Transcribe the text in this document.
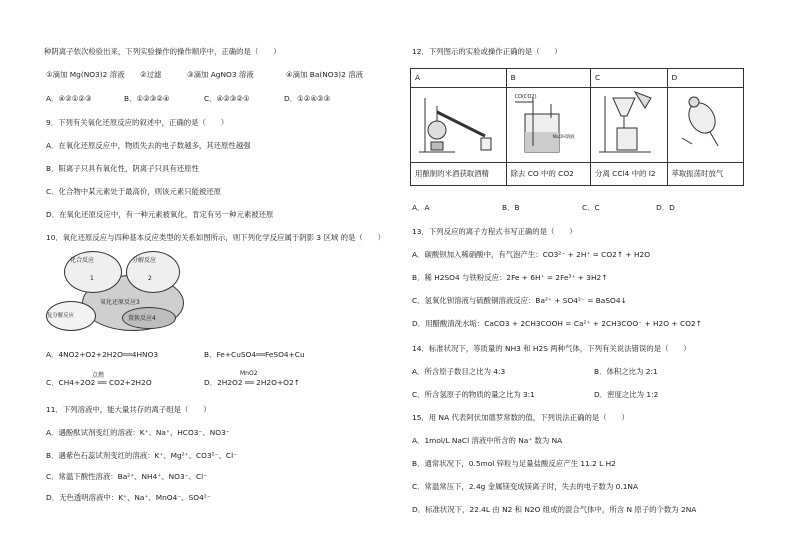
种阴离子依次检验出来，下列实验操作的操作顺序中，正确的是（　　）
①滴加 Mg(NO3)2 溶液 ②过滤	③滴加 AgNO3 溶液	④滴加 Ba(NO3)2 溶液
A．④②①②③	B．①②③②④	C．④②③②①	D．①②④②③
9．下列有关氧化还原反应的叙述中，正确的是（　　）
A．在氧化还原反应中，物质失去的电子数越多，其还原性越强
B．阳离子只具有氧化性，阴离子只具有还原性
C．化合物中某元素处于最高价，则该元素只能被还原
D．在氧化还原反应中，有一种元素被氧化，肯定有另一种元素被还原
10．氧化还原反应与四种基本反应类型的关系如图所示，则下列化学反应属于阴影 3 区域 的是（　　）
化合反应	分解反应
复分解反应
氧化还原反应3
置换反应4
1	2
A．4NO2+O2+2H2O══4HNO3	B．Fe+CuSO4══FeSO4+Cu
点燃
C．CH4+2O2 ══ CO2+2H2O
MnO2
D．2H2O2 ══ 2H2O+O2↑
11．下列溶液中，能大量共存的离子组是（　　）
A．遇酚酞试剂变红的溶液：K⁺、Na⁺、HCO3⁻、NO3⁻
B．遇紫色石蕊试剂变红的溶液：K⁺、Mg²⁺、CO3²⁻、Cl⁻
C．常温下酸性溶液：Ba²⁺、NH4⁺、NO3⁻、Cl⁻
D．无色透明溶液中：K⁺、Na⁺、MnO4⁻、SO4²⁻
12．下列图示的实验或操作正确的是（　　）
A	B	C	D

CO(CO2)
NaOH溶液

用酿制的米酒获取酒精	除去 CO 中的 CO2	分离 CCl4 中的 I2	萃取振荡时放气
A．A	B．B	C．C	D．D
13．下列反应的离子方程式书写正确的是（　　）
A．碳酸钡加入稀硝酸中，有气泡产生：CO3²⁻ + 2H⁺ = CO2↑ + H2O
B．稀 H2SO4 与铁粉反应：2Fe + 6H⁺ = 2Fe³⁺ + 3H2↑
C．氢氧化钡溶液与硫酸铜溶液反应：Ba²⁺ + SO4²⁻ = BaSO4↓
D．用醋酸清洗水垢：CaCO3 + 2CH3COOH = Ca²⁺ + 2CH3COO⁻ + H2O + CO2↑
14．标准状况下，等质量的 NH3 和 H2S 两种气体，下列有关说法错误的是（　　）
A．所含原子数目之比为 4:3	B．体积之比为 2:1
C．所含氢原子的物质的量之比为 3:1	D．密度之比为 1:2
15．用 NA 代表阿伏加德罗常数的值，下列说法正确的是（　　）
A．1mol/L NaCl 溶液中所含的 Na⁺ 数为 NA
B．通常状况下，0.5mol 锌粒与足量盐酸反应产生 11.2 L H2
C．常温常压下，2.4g 金属镁变成镁离子时，失去的电子数为 0.1NA
D．标准状况下，22.4L 由 N2 和 N2O 组成的混合气体中，所含 N 原子的个数为 2NA
